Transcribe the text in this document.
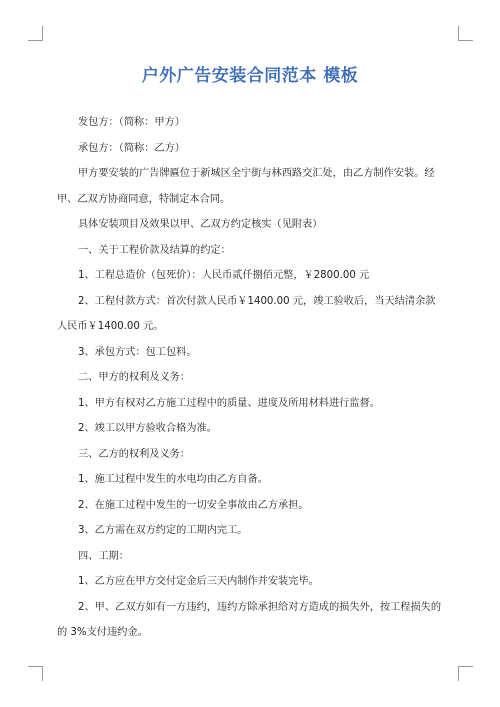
户外广告安装合同范本 模板

发包方：（简称：甲方）

承包方：（简称：乙方）

甲方要安装的广告牌匾位于新城区全宁街与林西路交汇处，由乙方制作安装。经

甲、乙双方协商同意，特制定本合同。

具体安装项目及效果以甲、乙双方约定核实（见附表）

一、关于工程价款及结算的约定：

1、工程总造价（包死价）：人民币贰仟捌佰元整，￥2800.00 元

2、工程付款方式：首次付款人民币￥1400.00 元，竣工验收后，当天结清余款

人民币￥1400.00 元。

3、承包方式：包工包料。

二、甲方的权利及义务：

1、甲方有权对乙方施工过程中的质量、进度及所用材料进行监督。

2、竣工以甲方验收合格为准。

三、乙方的权利及义务：

1、施工过程中发生的水电均由乙方自备。

2、在施工过程中发生的一切安全事故由乙方承担。

3、乙方需在双方约定的工期内完工。

四、工期：

1、乙方应在甲方交付定金后三天内制作并安装完毕。

2、甲、乙双方如有一方违约，违约方除承担给对方造成的损失外，按工程损失的

的 3%支付违约金。
